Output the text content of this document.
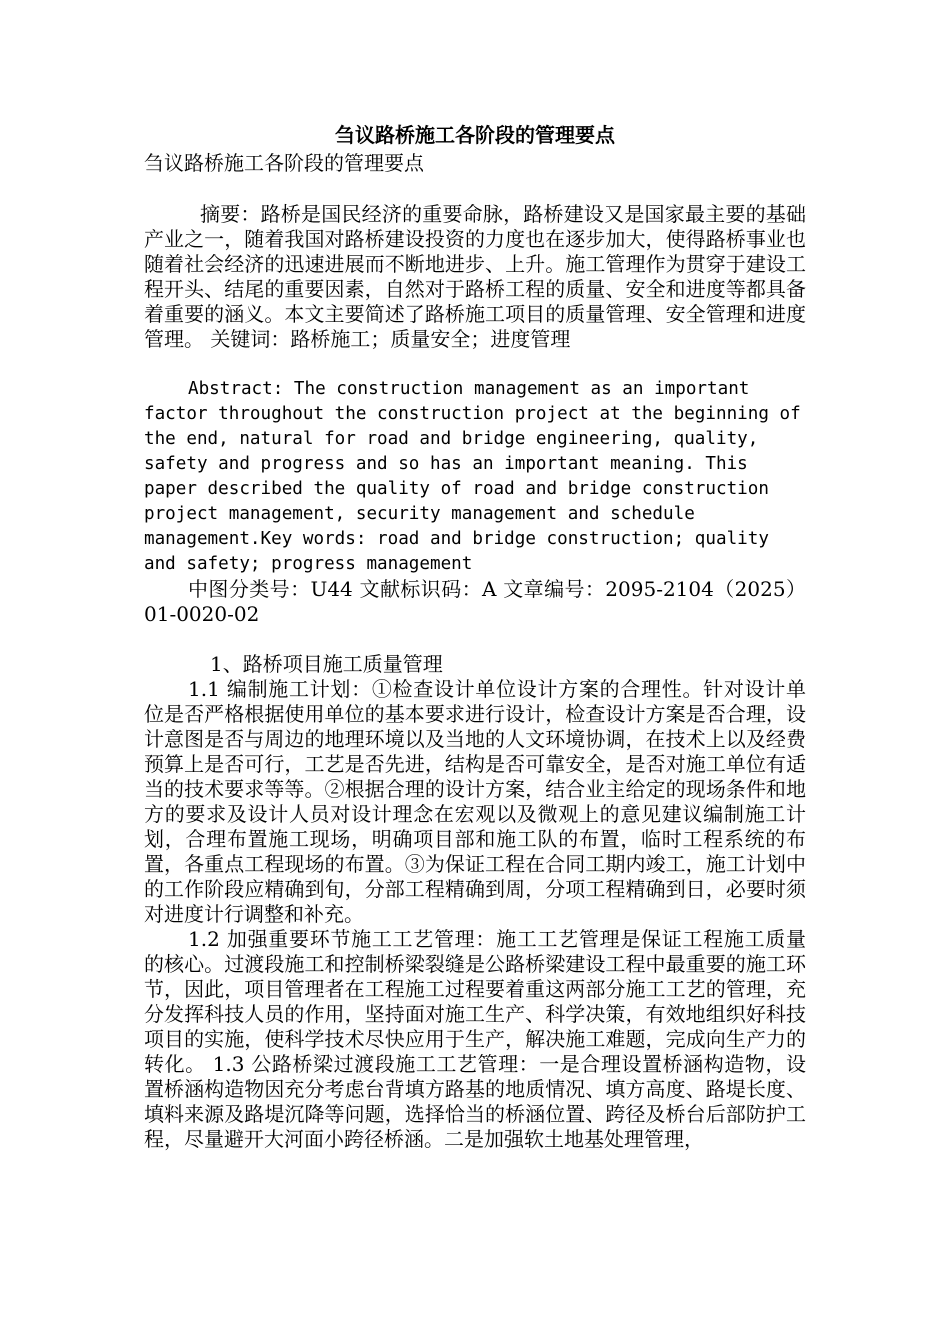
刍议路桥施工各阶段的管理要点
刍议路桥施工各阶段的管理要点

摘要：路桥是国民经济的重要命脉，路桥建设又是国家最主要的基础产业之一，随着我国对路桥建设投资的力度也在逐步加大，使得路桥事业也随着社会经济的迅速进展而不断地进步、上升。施工管理作为贯穿于建设工程开头、结尾的重要因素，自然对于路桥工程的质量、安全和进度等都具备着重要的涵义。本文主要简述了路桥施工项目的质量管理、安全管理和进度管理。 关键词：路桥施工；质量安全；进度管理

Abstract: The construction management as an important factor throughout the construction project at the beginning of the end, natural for road and bridge engineering, quality, safety and progress and so has an important meaning. This paper described the quality of road and bridge construction project management, security management and schedule management.Key words: road and bridge construction; quality and safety; progress management

中图分类号：U44 文献标识码：A 文章编号：2095-2104（2025）01-0020-02

1、路桥项目施工质量管理

1.1 编制施工计划：①检查设计单位设计方案的合理性。针对设计单位是否严格根据使用单位的基本要求进行设计，检查设计方案是否合理，设计意图是否与周边的地理环境以及当地的人文环境协调，在技术上以及经费预算上是否可行，工艺是否先进，结构是否可靠安全，是否对施工单位有适当的技术要求等等。②根据合理的设计方案，结合业主给定的现场条件和地方的要求及设计人员对设计理念在宏观以及微观上的意见建议编制施工计划，合理布置施工现场，明确项目部和施工队的布置，临时工程系统的布置，各重点工程现场的布置。③为保证工程在合同工期内竣工，施工计划中的工作阶段应精确到旬，分部工程精确到周，分项工程精确到日，必要时须对进度计行调整和补充。

1.2 加强重要环节施工工艺管理：施工工艺管理是保证工程施工质量的核心。过渡段施工和控制桥梁裂缝是公路桥梁建设工程中最重要的施工环节，因此，项目管理者在工程施工过程要着重这两部分施工工艺的管理，充分发挥科技人员的作用，坚持面对施工生产、科学决策，有效地组织好科技项目的实施，使科学技术尽快应用于生产，解决施工难题，完成向生产力的转化。 1.3 公路桥梁过渡段施工工艺管理：一是合理设置桥涵构造物，设置桥涵构造物因充分考虑台背填方路基的地质情况、填方高度、路堤长度、填料来源及路堤沉降等问题，选择恰当的桥涵位置、跨径及桥台后部防护工程，尽量避开大河面小跨径桥涵。二是加强软土地基处理管理，
